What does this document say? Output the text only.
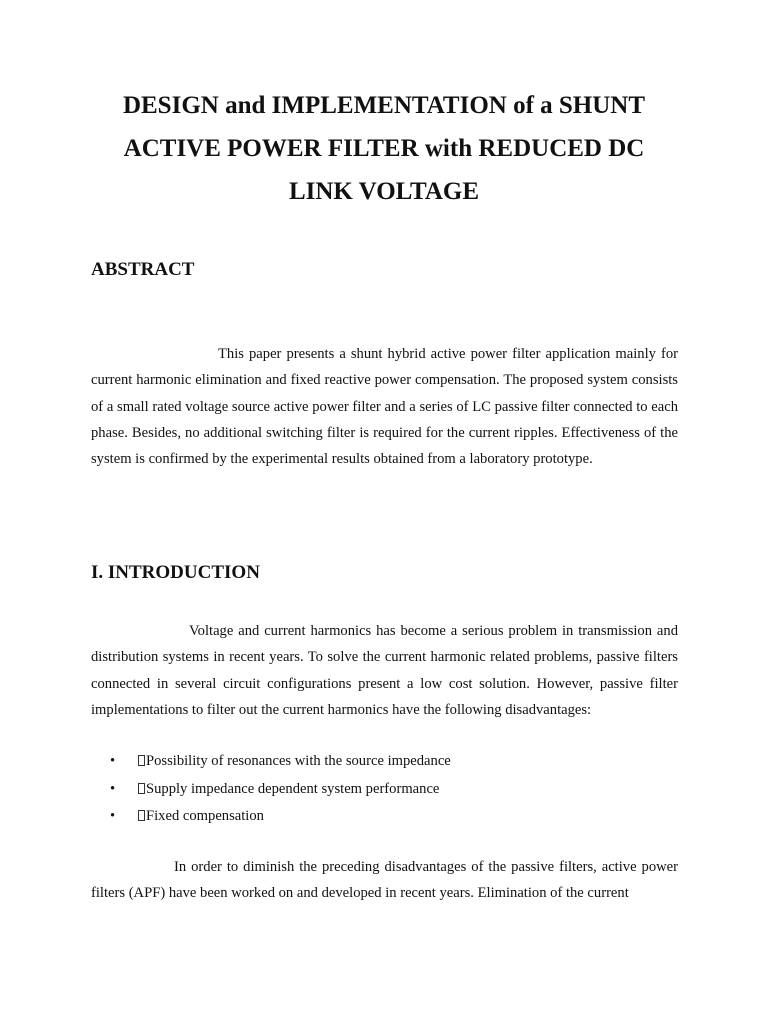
DESIGN and IMPLEMENTATION of a SHUNT
ACTIVE POWER FILTER with REDUCED DC
LINK VOLTAGE
ABSTRACT

This paper presents a shunt hybrid active power filter application mainly for current harmonic elimination and fixed reactive power compensation. The proposed system consists of a small rated voltage source active power filter and a series of LC passive filter connected to each phase. Besides, no additional switching filter is required for the current ripples. Effectiveness of the system is confirmed by the experimental results obtained from a laboratory prototype.

I. INTRODUCTION

Voltage and current harmonics has become a serious problem in transmission and distribution systems in recent years. To solve the current harmonic related problems, passive filters connected in several circuit configurations present a low cost solution. However, passive filter implementations to filter out the current harmonics have the following disadvantages:

• Possibility of resonances with the source impedance
• Supply impedance dependent system performance
• Fixed compensation

In order to diminish the preceding disadvantages of the passive filters, active power filters (APF) have been worked on and developed in recent years. Elimination of the current
